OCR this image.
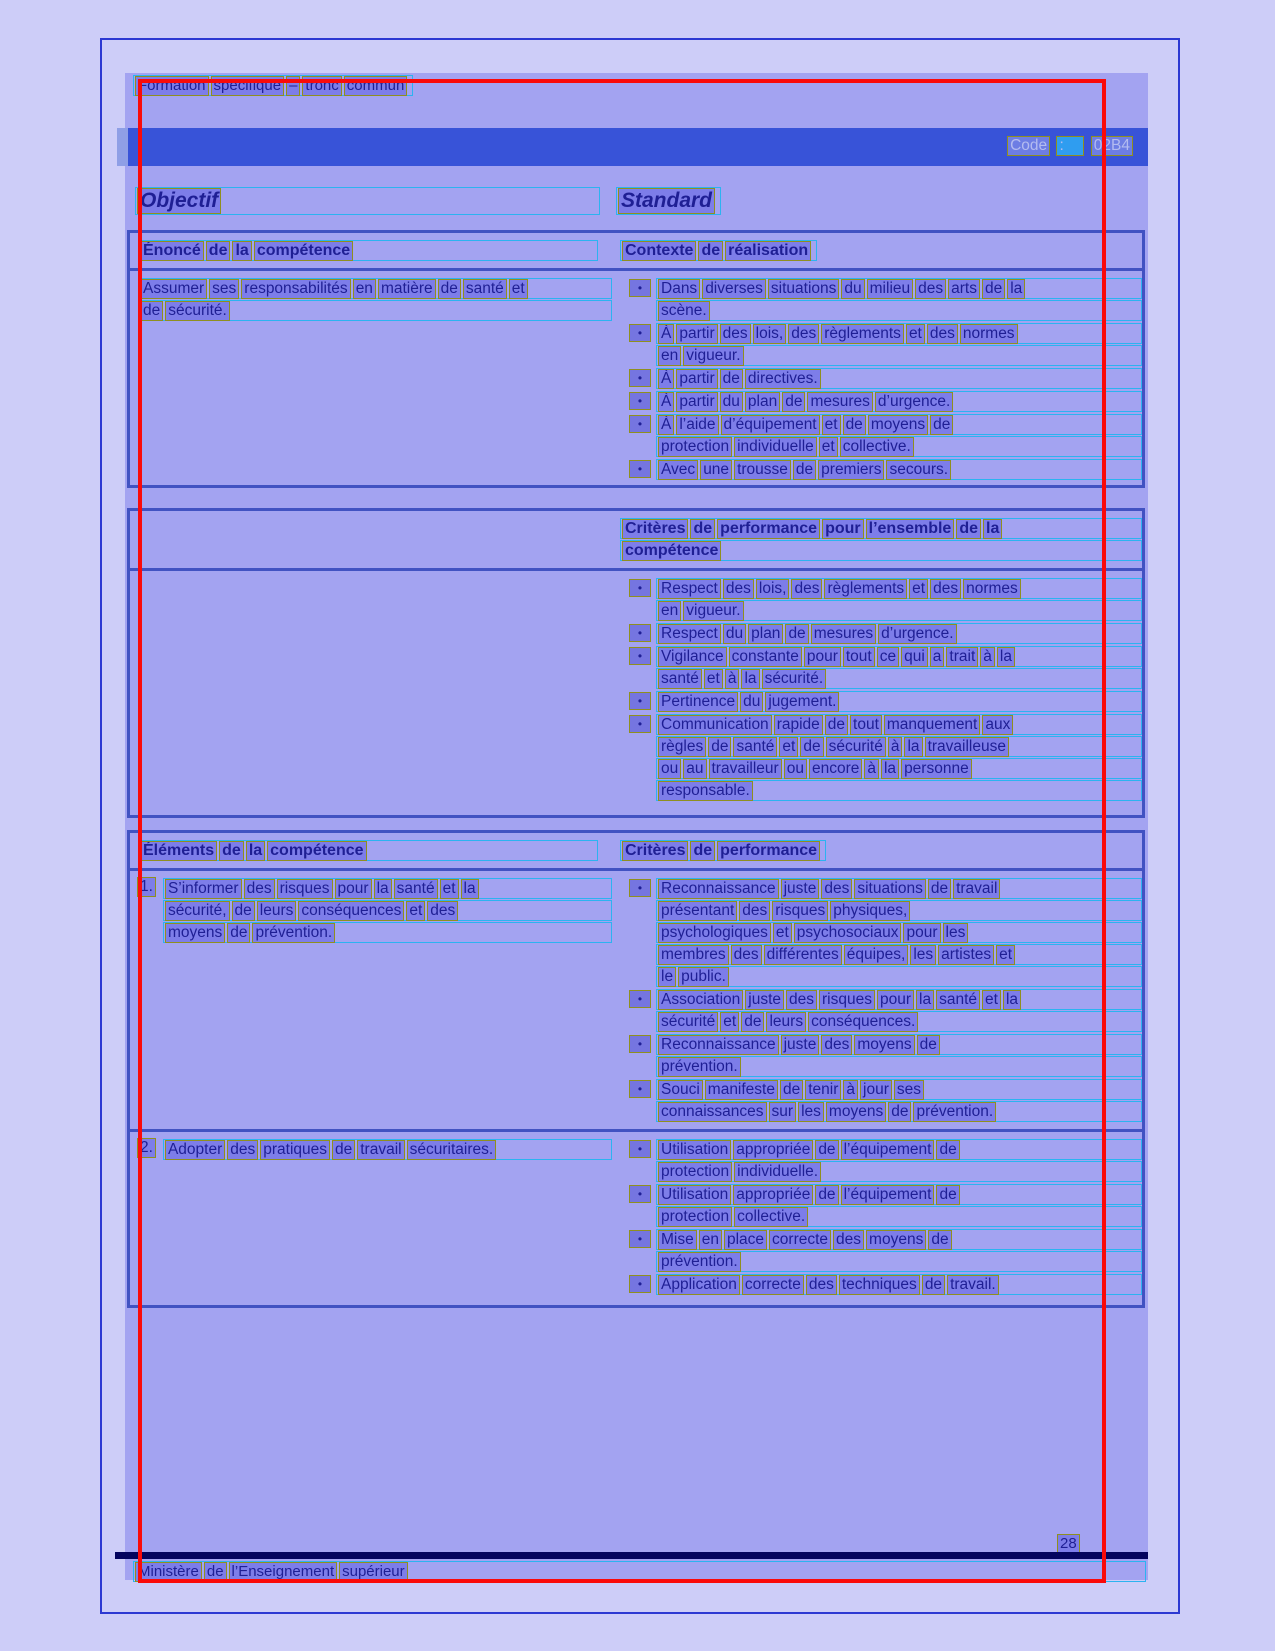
Formation spécifique – tronc commun
Code : 02B4
Objectif	Standard
Énoncé de la compétence	Contexte de réalisation
Assumer ses responsabilités en matière de santé et
de sécurité.
•	Dans diverses situations du milieu des arts de la
scène.
•	À partir des lois, des règlements et des normes
en vigueur.
•	À partir de directives.
•	À partir du plan de mesures d’urgence.
•	À l’aide d’équipement et de moyens de
protection individuelle et collective.
•	Avec une trousse de premiers secours.
Critères de performance pour l’ensemble de la
compétence
•	Respect des lois, des règlements et des normes
en vigueur.
•	Respect du plan de mesures d’urgence.
•	Vigilance constante pour tout ce qui a trait à la
santé et à la sécurité.
•	Pertinence du jugement.
•	Communication rapide de tout manquement aux
règles de santé et de sécurité à la travailleuse
ou au travailleur ou encore à la personne
responsable.
Éléments de la compétence	Critères de performance
1. S’informer des risques pour la santé et la
sécurité, de leurs conséquences et des
moyens de prévention.
•	Reconnaissance juste des situations de travail
présentant des risques physiques,
psychologiques et psychosociaux pour les
membres des différentes équipes, les artistes et
le public.
•	Association juste des risques pour la santé et la
sécurité et de leurs conséquences.
•	Reconnaissance juste des moyens de
prévention.
•	Souci manifeste de tenir à jour ses
connaissances sur les moyens de prévention.
2. Adopter des pratiques de travail sécuritaires.	•	Utilisation appropriée de l’équipement de
protection individuelle.
•	Utilisation appropriée de l’équipement de
protection collective.
•	Mise en place correcte des moyens de
prévention.
•	Application correcte des techniques de travail.
Ministère de l’Enseignement supérieur
28
